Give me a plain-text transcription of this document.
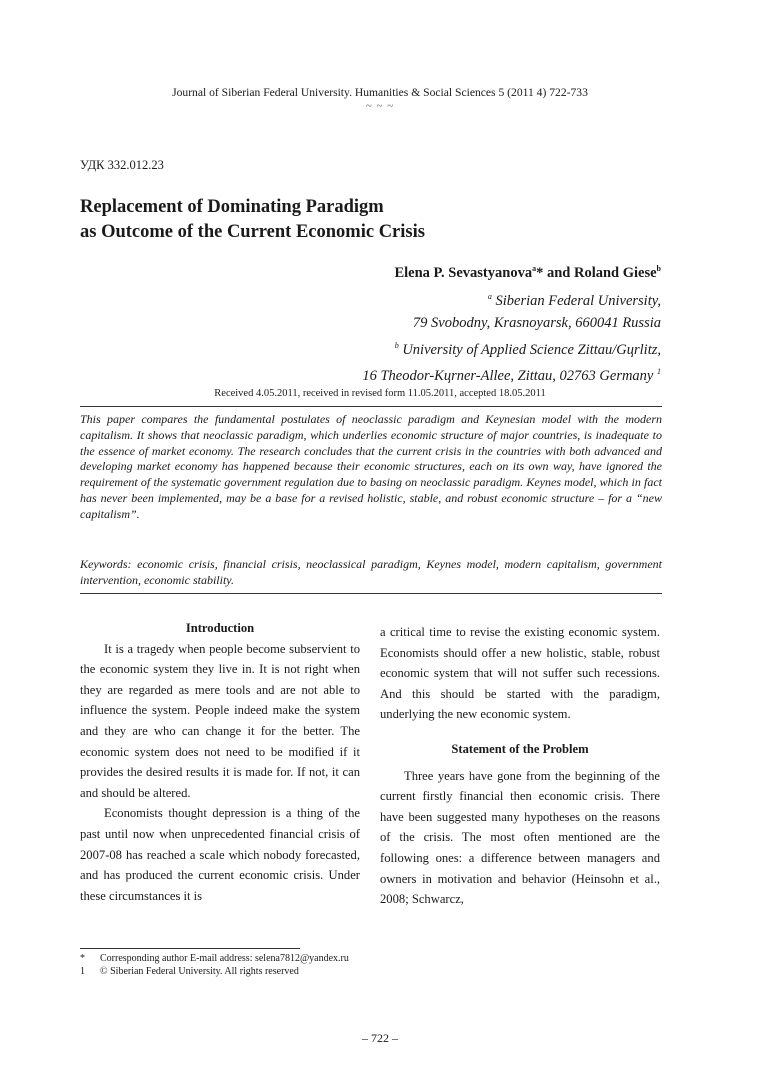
Journal of Siberian Federal University. Humanities & Social Sciences 5 (2011 4) 722-733
~ ~ ~
УДК 332.012.23
Replacement of Dominating Paradigm
as Outcome of the Current Economic Crisis
Elena P. Sevastyanova$^a$* and Roland Giese$^b$
$^a$ Siberian Federal University,
79 Svobodny, Krasnoyarsk, 660041 Russia
$^b$ University of Applied Science Zittau/Gцrlitz,
16 Theodor-Kцrner-Allee, Zittau, 02763 Germany $^1$
Received 4.05.2011, received in revised form 11.05.2011, accepted 18.05.2011
This paper compares the fundamental postulates of neoclassic paradigm and Keynesian model with the modern capitalism. It shows that neoclassic paradigm, which underlies economic structure of major countries, is inadequate to the essence of market economy. The research concludes that the current crisis in the countries with both advanced and developing market economy has happened because their economic structures, each on its own way, have ignored the requirement of the systematic government regulation due to basing on neoclassic paradigm. Keynes model, which in fact has never been implemented, may be a base for a revised holistic, stable, and robust economic structure – for a “new capitalism”.
Keywords: economic crisis, financial crisis, neoclassical paradigm, Keynes model, modern capitalism, government intervention, economic stability.
Introduction

It is a tragedy when people become subservient to the economic system they live in. It is not right when they are regarded as mere tools and are not able to influence the system. People indeed make the system and they are who can change it for the better. The economic system does not need to be modified if it provides the desired results it is made for. If not, it can and should be altered.

Economists thought depression is a thing of the past until now when unprecedented financial crisis of 2007-08 has reached a scale which nobody forecasted, and has produced the current economic crisis. Under these circumstances it is

a critical time to revise the existing economic system. Economists should offer a new holistic, stable, robust economic system that will not suffer such recessions. And this should be started with the paradigm, underlying the new economic system.

Statement of the Problem

Three years have gone from the beginning of the current firstly financial then economic crisis. There have been suggested many hypotheses on the reasons of the crisis. The most often mentioned are the following ones: a difference between managers and owners in motivation and behavior (Heinsohn et al., 2008; Schwarcz,

* Corresponding author E-mail address: selena7812@yandex.ru
1 © Siberian Federal University. All rights reserved
– 722 –
